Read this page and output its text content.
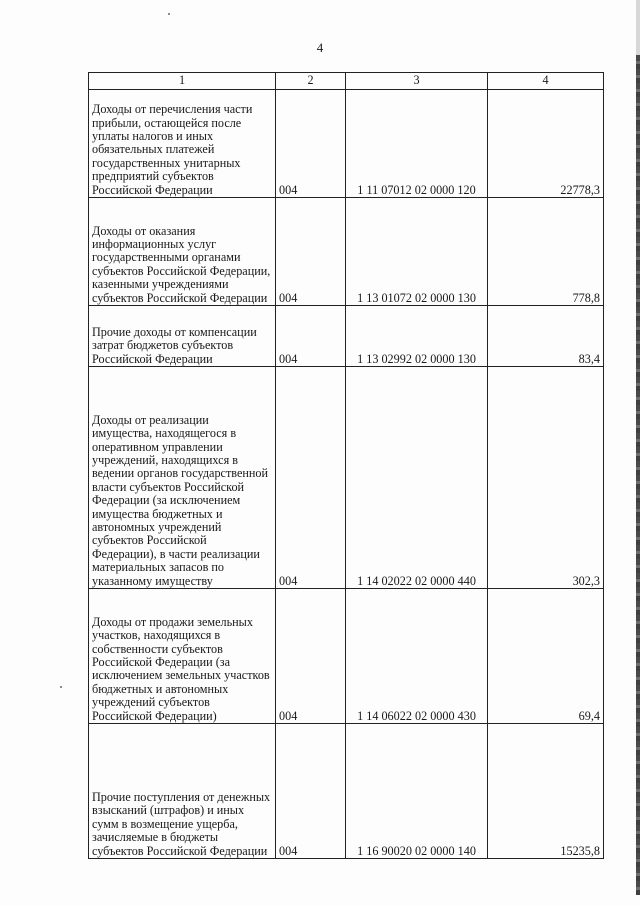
4
1	2	3	4
Доходы от перечисления части прибыли, остающейся после уплаты налогов и иных обязательных платежей государственных унитарных предприятий субъектов Российской Федерации	004	1 11 07012 02 0000 120	22778,3
Доходы от оказания информационных услуг государственными органами субъектов Российской Федерации, казенными учреждениями субъектов Российской Федерации	004	1 13 01072 02 0000 130	778,8
Прочие доходы от компенсации затрат бюджетов субъектов Российской Федерации	004	1 13 02992 02 0000 130	83,4
Доходы от реализации имущества, находящегося в оперативном управлении учреждений, находящихся в ведении органов государственной власти субъектов Российской Федерации (за исключением имущества бюджетных и автономных учреждений субъектов Российской Федерации), в части реализации материальных запасов по указанному имуществу	004	1 14 02022 02 0000 440	302,3
Доходы от продажи земельных участков, находящихся в собственности субъектов Российской Федерации (за исключением земельных участков бюджетных и автономных учреждений субъектов Российской Федерации)	004	1 14 06022 02 0000 430	69,4
Прочие поступления от денежных взысканий (штрафов) и иных сумм в возмещение ущерба, зачисляемые в бюджеты субъектов Российской Федерации	004	1 16 90020 02 0000 140	15235,8
